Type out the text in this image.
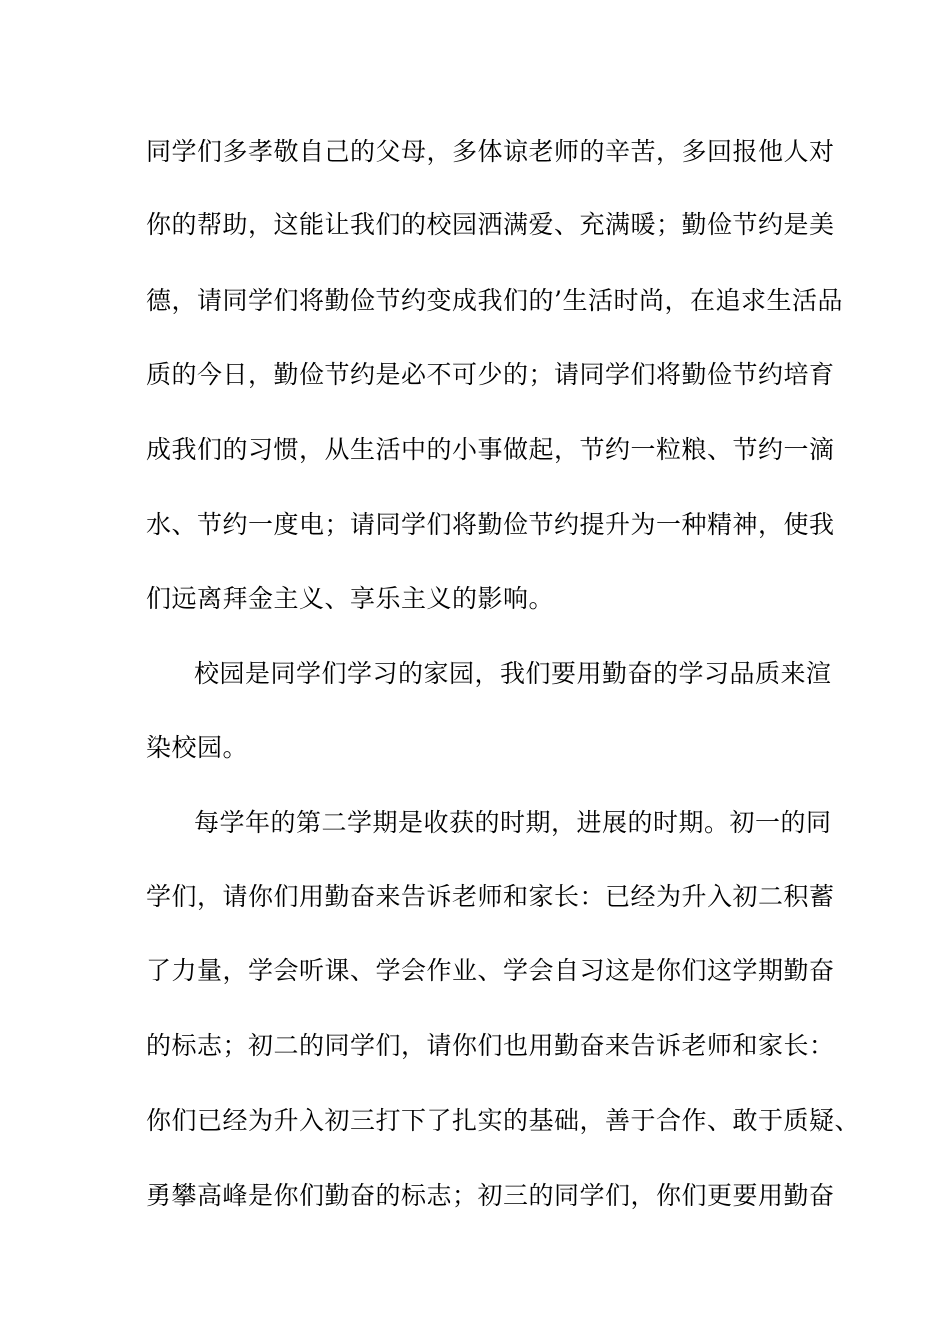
同学们多孝敬自己的父母，多体谅老师的辛苦，多回报他人对
你的帮助，这能让我们的校园洒满爱、充满暖；勤俭节约是美
德，请同学们将勤俭节约变成我们的’生活时尚，在追求生活品
质的今日，勤俭节约是必不可少的；请同学们将勤俭节约培育
成我们的习惯，从生活中的小事做起，节约一粒粮、节约一滴
水、节约一度电；请同学们将勤俭节约提升为一种精神，使我
们远离拜金主义、享乐主义的影响。
校园是同学们学习的家园，我们要用勤奋的学习品质来渲
染校园。
每学年的第二学期是收获的时期，进展的时期。初一的同
学们，请你们用勤奋来告诉老师和家长：已经为升入初二积蓄
了力量，学会听课、学会作业、学会自习这是你们这学期勤奋
的标志；初二的同学们，请你们也用勤奋来告诉老师和家长：
你们已经为升入初三打下了扎实的基础，善于合作、敢于质疑、
勇攀高峰是你们勤奋的标志；初三的同学们，你们更要用勤奋
